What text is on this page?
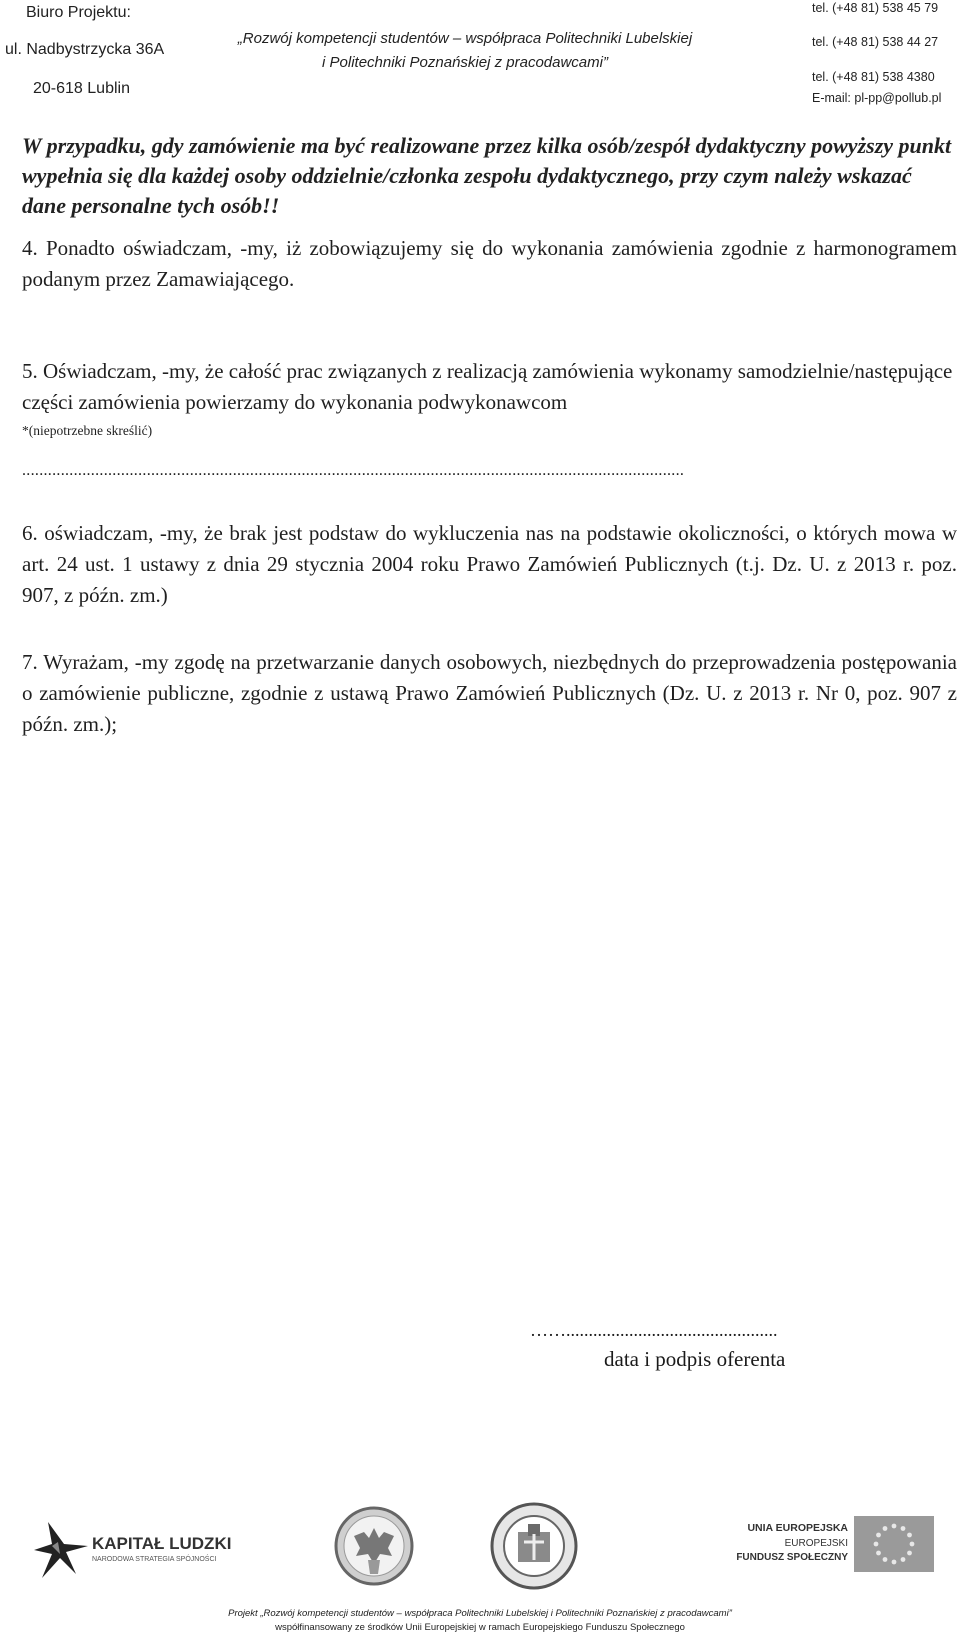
Biuro Projektu:
ul. Nadbystrzycka 36A
20-618 Lublin
„Rozwój kompetencji studentów – współpraca Politechniki Lubelskiej
i Politechniki Poznańskiej z pracodawcami”
tel. (+48 81) 538 45 79
tel. (+48 81) 538 44 27
tel. (+48 81) 538 4380
E-mail: pl-pp@pollub.pl
W przypadku, gdy zamówienie ma być realizowane przez kilka osób/zespół dydaktyczny powyższy punkt wypełnia się dla każdej osoby oddzielnie/członka zespołu dydaktycznego, przy czym należy wskazać dane personalne tych osób!!
4. Ponadto oświadczam, -my, iż zobowiązujemy się do wykonania zamówienia zgodnie z harmonogramem podanym przez Zamawiającego.
5. Oświadczam, -my, że całość prac związanych z realizacją zamówienia wykonamy samodzielnie/następujące części zamówienia powierzamy do wykonania podwykonawcom
*(niepotrzebne skreślić)
..........................................................................................................................................................
6. oświadczam, -my, że brak jest podstaw do wykluczenia nas na podstawie okoliczności, o których mowa w art. 24 ust. 1 ustawy z dnia 29 stycznia 2004 roku Prawo Zamówień Publicznych (t.j. Dz. U. z 2013 r. poz. 907, z późn. zm.)
7. Wyrażam, -my zgodę na przetwarzanie danych osobowych, niezbędnych do przeprowadzenia postępowania o zamówienie publiczne, zgodnie z ustawą Prawo Zamówień Publicznych (Dz. U. z 2013 r. Nr 0, poz. 907 z późn. zm.);
……...............................................
data i podpis oferenta
KAPITAŁ LUDZKI
NARODOWA STRATEGIA SPÓJNOŚCI
UNIA EUROPEJSKA
EUROPEJSKI
FUNDUSZ SPOŁECZNY
Projekt „Rozwój kompetencji studentów – współpraca Politechniki Lubelskiej i Politechniki Poznańskiej z pracodawcami”
współfinansowany ze środków Unii Europejskiej w ramach Europejskiego Funduszu Społecznego
